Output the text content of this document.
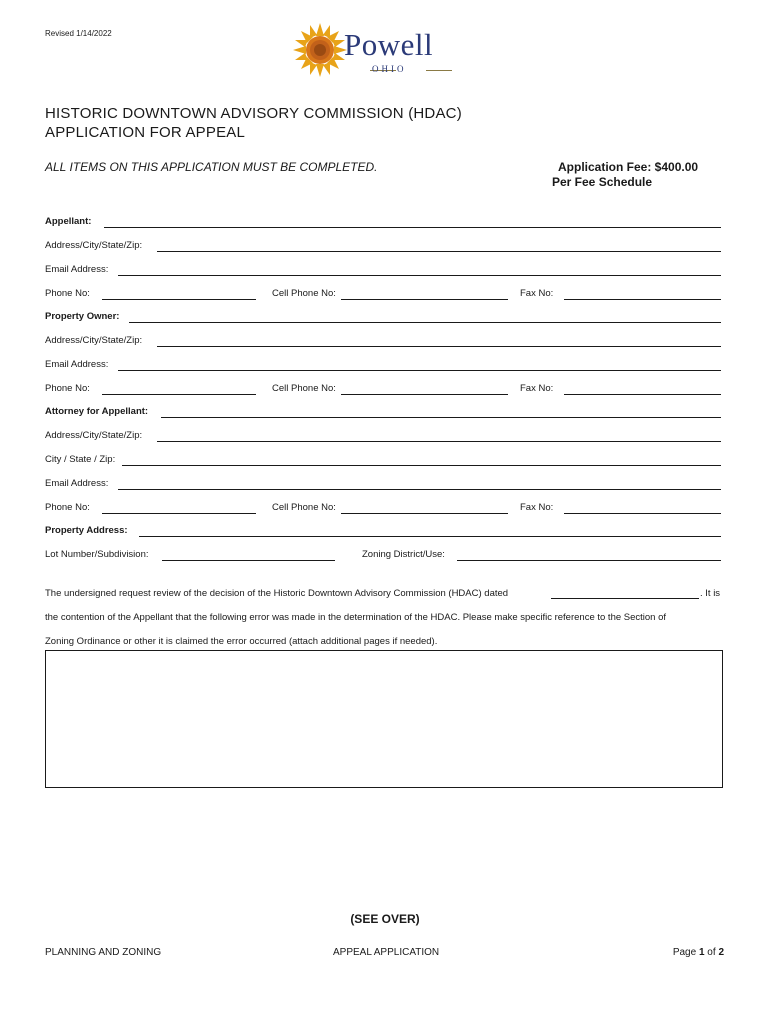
Revised 1/14/2022	Powell
OHIO
HISTORIC DOWNTOWN ADVISORY COMMISSION (HDAC)
APPLICATION FOR APPEAL
ALL ITEMS ON THIS APPLICATION MUST BE COMPLETED.	Application Fee: $400.00
Per Fee Schedule
Appellant:
Address/City/State/Zip:
Email Address:
Phone No:	Cell Phone No:	Fax No:
Property Owner:
Address/City/State/Zip:
Email Address:
Phone No:	Cell Phone No:	Fax No:
Attorney for Appellant:
Address/City/State/Zip:
City / State / Zip:
Email Address:
Phone No:	Cell Phone No:	Fax No:
Property Address:
Lot Number/Subdivision:	Zoning District/Use:
The undersigned request review of the decision of the Historic Downtown Advisory Commission (HDAC) dated	. It is
the contention of the Appellant that the following error was made in the determination of the HDAC. Please make specific reference to the Section of
Zoning Ordinance or other it is claimed the error occurred (attach additional pages if needed).
(SEE OVER)
PLANNING AND ZONING	APPEAL APPLICATION	Page 1 of 2
